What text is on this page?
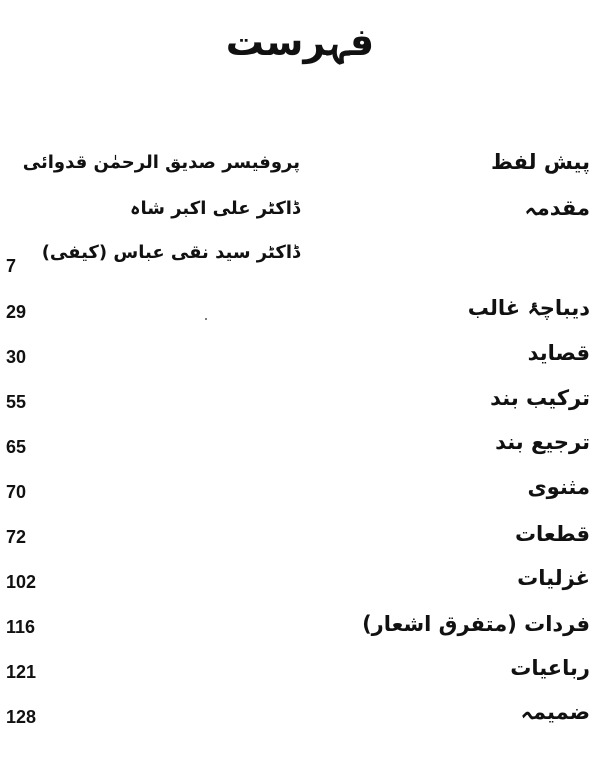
فہرست
پیش لفظ
پروفیسر صدیق الرحمٰن قدوائی
مقدمہ
ڈاکٹر علی اکبر شاہ
ڈاکٹر سید نقی عباس (کیفی)
7
دیباچۂ غالب
29
قصاید
30
ترکیب بند
55
ترجیع بند
65
مثنوی
70
قطعات
72
غزلیات
102
فردات (متفرق اشعار)
116
رباعیات
121
ضمیمہ
128
